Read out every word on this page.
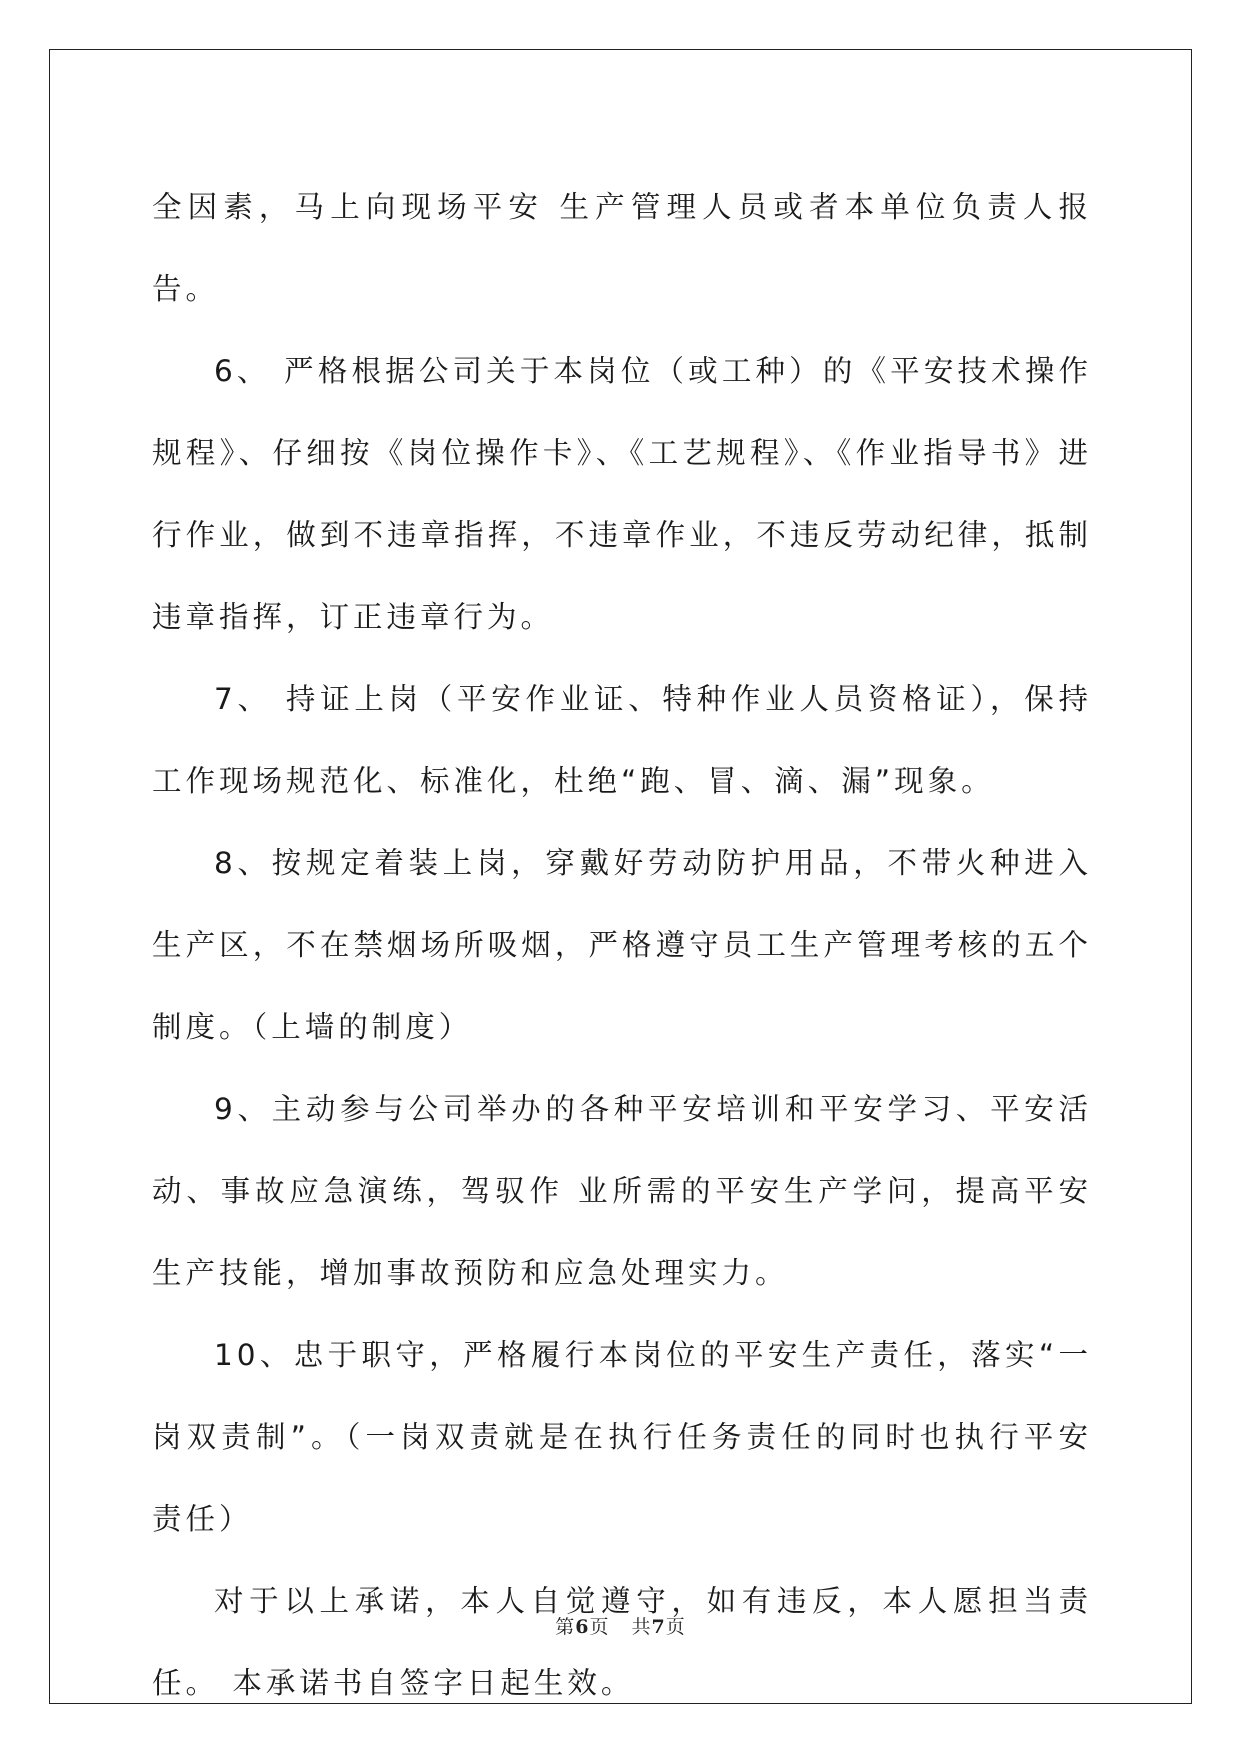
全因素，马上向现场平安 生产管理人员或者本单位负责人报告。

6、 严格根据公司关于本岗位（或工种）的《平安技术操作规程》、仔细按《岗位操作卡》、《工艺规程》、《作业指导书》进行作业，做到不违章指挥，不违章作业，不违反劳动纪律，抵制违章指挥，订正违章行为。

7、 持证上岗（平安作业证、特种作业人员资格证），保持工作现场规范化、标准化，杜绝“跑、冒、滴、漏”现象。

8、按规定着装上岗，穿戴好劳动防护用品，不带火种进入生产区，不在禁烟场所吸烟，严格遵守员工生产管理考核的五个制度。（上墙的制度）

9、主动参与公司举办的各种平安培训和平安学习、平安活动、事故应急演练，驾驭作 业所需的平安生产学问，提高平安生产技能，增加事故预防和应急处理实力。

10、忠于职守，严格履行本岗位的平安生产责任，落实“一岗双责制”。（一岗双责就是在执行任务责任的同时也执行平安责任）

对于以上承诺，本人自觉遵守，如有违反，本人愿担当责任。 本承诺书自签字日起生效。

第6页 共7页
